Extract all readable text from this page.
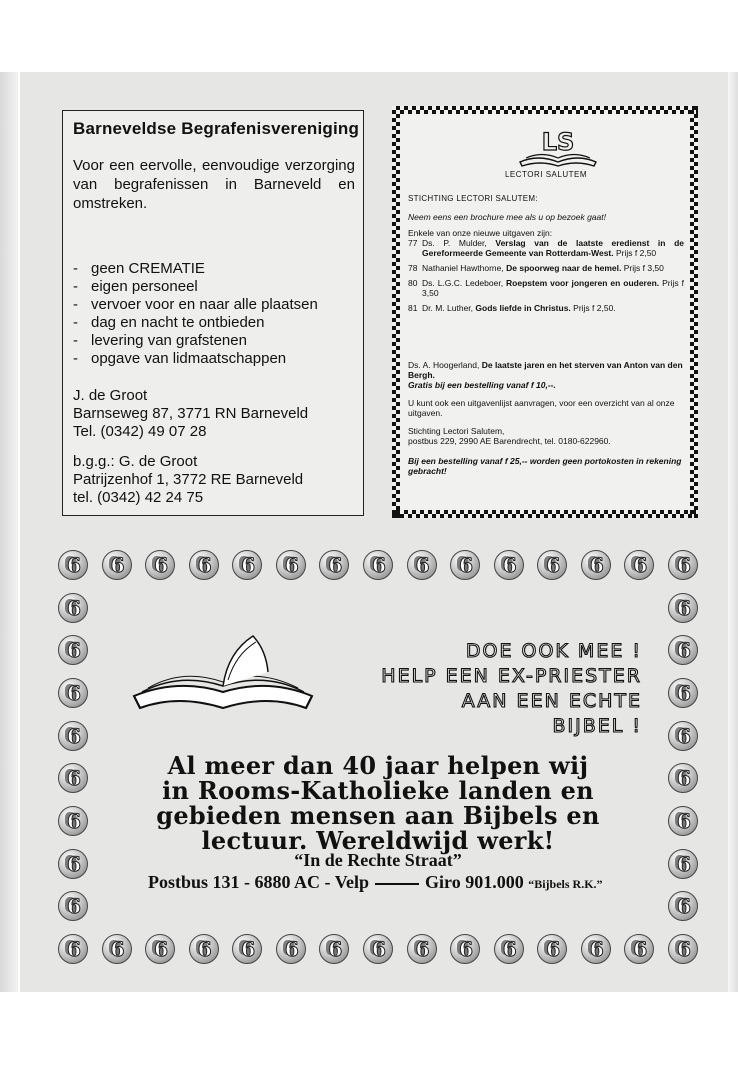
Barneveldse Begrafenisvereniging
Voor een eervolle, eenvoudige verzorging van begrafenissen in Barneveld en omstreken.
- geen CREMATIE
- eigen personeel
- vervoer voor en naar alle plaatsen
- dag en nacht te ontbieden
- levering van grafstenen
- opgave van lidmaatschappen
J. de Groot
Barnseweg 87, 3771 RN Barneveld
Tel. (0342) 49 07 28
b.g.g.: G. de Groot
Patrijzenhof 1, 3772 RE Barneveld
tel. (0342) 42 24 75
LS
LECTORI SALUTEM
STICHTING LECTORI SALUTEM:
Neem eens een brochure mee als u op bezoek gaat!
Enkele van onze nieuwe uitgaven zijn:
77 Ds. P. Mulder, Verslag van de laatste eredienst in de Gereformeerde Gemeente van Rotterdam-West. Prijs f 2,50
78 Nathaniel Hawthorne, De spoorweg naar de hemel. Prijs f 3,50
80 Ds. L.G.C. Ledeboer, Roepstem voor jongeren en ouderen. Prijs f 3,50
81 Dr. M. Luther, Gods liefde in Christus. Prijs f 2,50.
Ds. A. Hoogerland, De laatste jaren en het sterven van Anton van den Bergh.
Gratis bij een bestelling vanaf f 10,--.
U kunt ook een uitgavenlijst aanvragen, voor een overzicht van al onze uitgaven.
Stichting Lectori Salutem,
postbus 229, 2990 AE Barendrecht, tel. 0180-622960.
Bij een bestelling vanaf f 25,-- worden geen portokosten in rekening gebracht!
6
6
6
6
6
6
6
6
6
6
6
6
6
6
6
6
6
6
6
6
6
6
6
6
6
6
6
6
6
6
6
6
6
6
6
6
6
6
6
6
6
6
6
6
6
6
DOE OOK MEE !
HELP EEN EX-PRIESTER
AAN EEN ECHTE
BIJBEL !
Al meer dan 40 jaar helpen wij
in Rooms-Katholieke landen en
gebieden mensen aan Bijbels en
lectuur. Wereldwijd werk!
“In de Rechte Straat”
Postbus 131 - 6880 AC - Velp	Giro 901.000 “Bijbels R.K.”
